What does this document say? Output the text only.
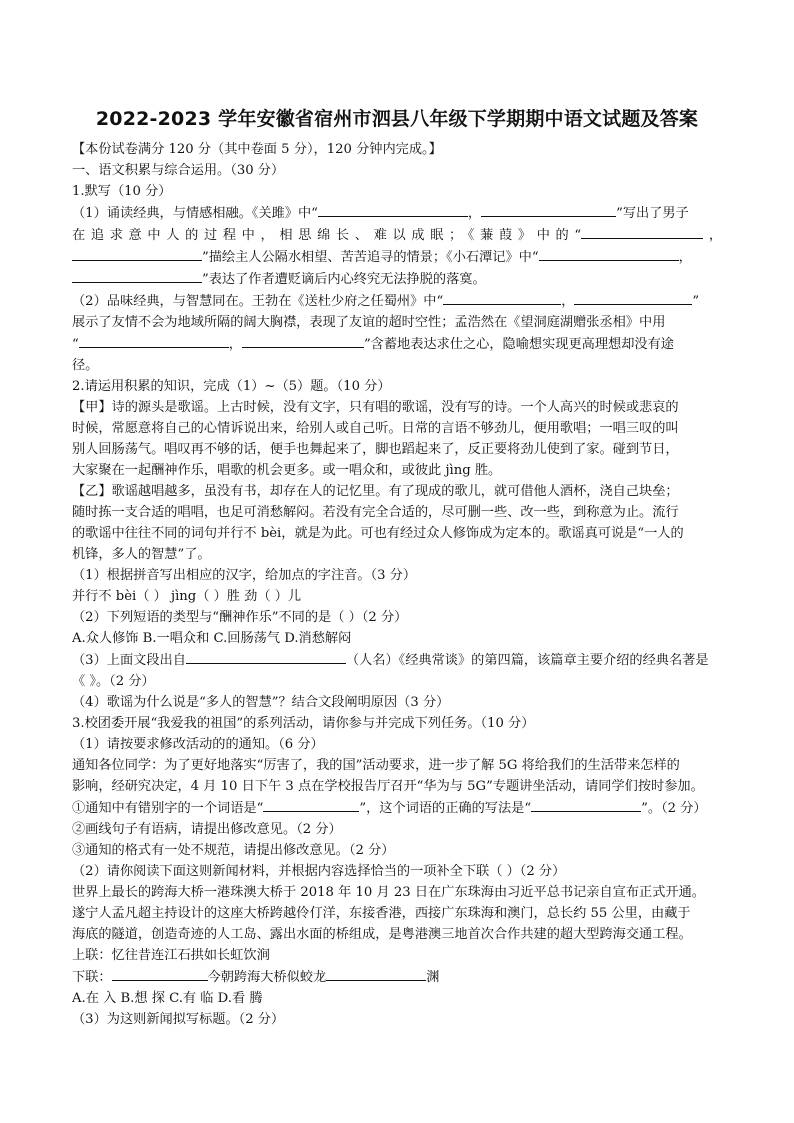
2022-2023 学年安徽省宿州市泗县八年级下学期期中语文试题及答案

【本份试卷满分 120 分（其中卷面 5 分），120 分钟内完成。】

一、语文积累与综合运用。（30 分）

1.默写（10 分）

（1）诵读经典，与情感相融。《关雎》中“	，	”写出了男子

在追求意中人的过程中，相思绵长、难以成眠；《蒹葭》中的“	，

”描绘主人公隔水相望、苦苦追寻的情景；《小石潭记》中“	，

”表达了作者遭贬谪后内心终究无法挣脱的落寞。

（2）品味经典，与智慧同在。王勃在《送杜少府之任蜀州》中“	，	”

展示了友情不会为地域所隔的阔大胸襟，表现了友谊的超时空性；孟浩然在《望洞庭湖赠张丞相》中用

“	，	”含蓄地表达求仕之心，隐喻想实现更高理想却没有途

径。

2.请运用积累的知识，完成（1）~（5）题。（10 分）

【甲】诗的源头是歌谣。上古时候，没有文字，只有唱的歌谣，没有写的诗。一个人高兴的时候或悲哀的

时候，常愿意将自己的心情诉说出来，给别人或自己听。日常的言语不够劲儿，便用歌唱；一唱三叹的叫

别人回肠荡气。唱叹再不够的话，便手也舞起来了，脚也蹈起来了，反正要将劲儿使到了家。碰到节日，

大家聚在一起酬神作乐，唱歌的机会更多。或一唱众和，或彼此 jìng 胜。

【乙】歌谣越唱越多，虽没有书，却存在人的记忆里。有了现成的歌儿，就可借他人酒杯，浇自己块垒；

随时拣一支合适的唱唱，也足可消愁解闷。若没有完全合适的，尽可删一些、改一些，到称意为止。流行

的歌谣中往往不同的词句并行不 bèi，就是为此。可也有经过众人修饰成为定本的。歌谣真可说是“一人的

机锋，多人的智慧”了。

（1）根据拼音写出相应的汉字，给加点的字注音。（3 分）

并行不 bèi（ ） jìng（ ）胜 劲（ ）儿

（2）下列短语的类型与“酬神作乐”不同的是（ ）（2 分）

A.众人修饰 B.一唱众和 C.回肠荡气 D.消愁解闷

（3）上面文段出自	（人名）《经典常谈》的第四篇，该篇章主要介绍的经典名著是

《 》。（2 分）

（4）歌谣为什么说是“多人的智慧”？结合文段阐明原因（3 分）

3.校团委开展“我爱我的祖国”的系列活动，请你参与并完成下列任务。（10 分）

（1）请按要求修改活动的的通知。（6 分）

通知各位同学：为了更好地落实“厉害了，我的国”活动要求，进一步了解 5G 将给我们的生活带来怎样的

影响，经研究决定，4 月 10 日下午 3 点在学校报告厅召开“华为与 5G”专题讲坐活动，请同学们按时参加。

①通知中有错别字的一个词语是“	”，这个词语的正确的写法是“	”。（2 分）

②画线句子有语病，请提出修改意见。（2 分）

③通知的格式有一处不规范，请提出修改意见。（2 分）

（2）请你阅读下面这则新闻材料，并根据内容选择恰当的一项补全下联（ ）（2 分）

世界上最长的跨海大桥一港珠澳大桥于 2018 年 10 月 23 日在广东珠海由习近平总书记亲自宣布正式开通。

遂宁人孟凡超主持设计的这座大桥跨越伶仃洋，东接香港，西接广东珠海和澳门，总长约 55 公里，由藏于

海底的隧道，创造奇迹的人工岛、露出水面的桥组成，是粤港澳三地首次合作共建的超大型跨海交通工程。

上联：忆往昔连江石拱如长虹饮涧

下联：	今朝跨海大桥似蛟龙	渊

A.在 入 B.想 探 C.有 临 D.看 腾

（3）为这则新闻拟写标题。（2 分）
